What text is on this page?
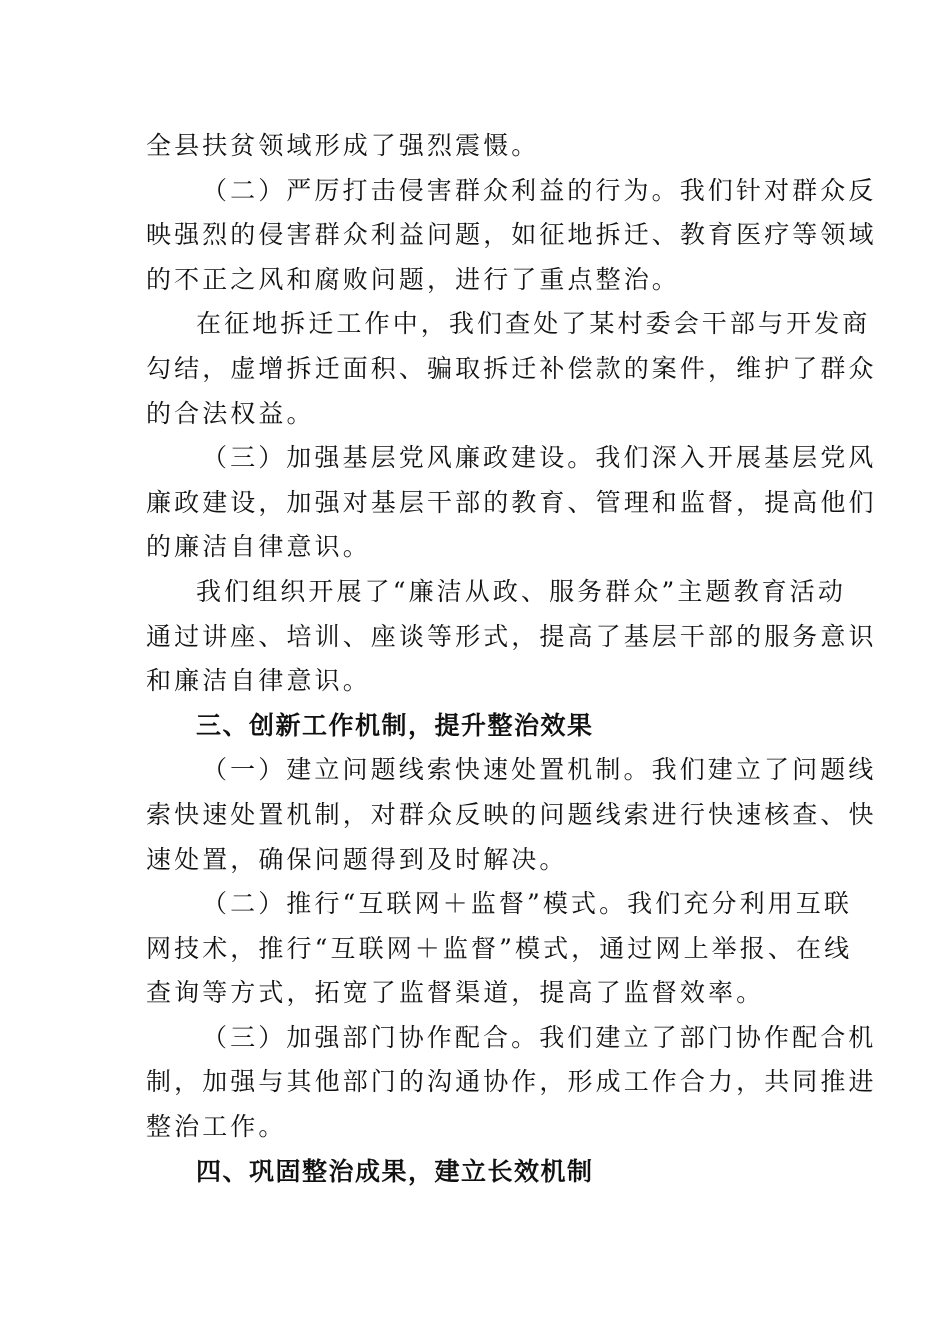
全县扶贫领域形成了强烈震慑。
（二）严厉打击侵害群众利益的行为。我们针对群众反
映强烈的侵害群众利益问题，如征地拆迁、教育医疗等领域
的不正之风和腐败问题，进行了重点整治。
在征地拆迁工作中，我们查处了某村委会干部与开发商
勾结，虚增拆迁面积、骗取拆迁补偿款的案件，维护了群众
的合法权益。
（三）加强基层党风廉政建设。我们深入开展基层党风
廉政建设，加强对基层干部的教育、管理和监督，提高他们
的廉洁自律意识。
我们组织开展了“廉洁从政、服务群众”主题教育活动
通过讲座、培训、座谈等形式，提高了基层干部的服务意识
和廉洁自律意识。
三、创新工作机制，提升整治效果
（一）建立问题线索快速处置机制。我们建立了问题线
索快速处置机制，对群众反映的问题线索进行快速核查、快
速处置，确保问题得到及时解决。
（二）推行“互联网＋监督”模式。我们充分利用互联
网技术，推行“互联网＋监督”模式，通过网上举报、在线
查询等方式，拓宽了监督渠道，提高了监督效率。
（三）加强部门协作配合。我们建立了部门协作配合机
制，加强与其他部门的沟通协作，形成工作合力，共同推进
整治工作。
四、巩固整治成果，建立长效机制
